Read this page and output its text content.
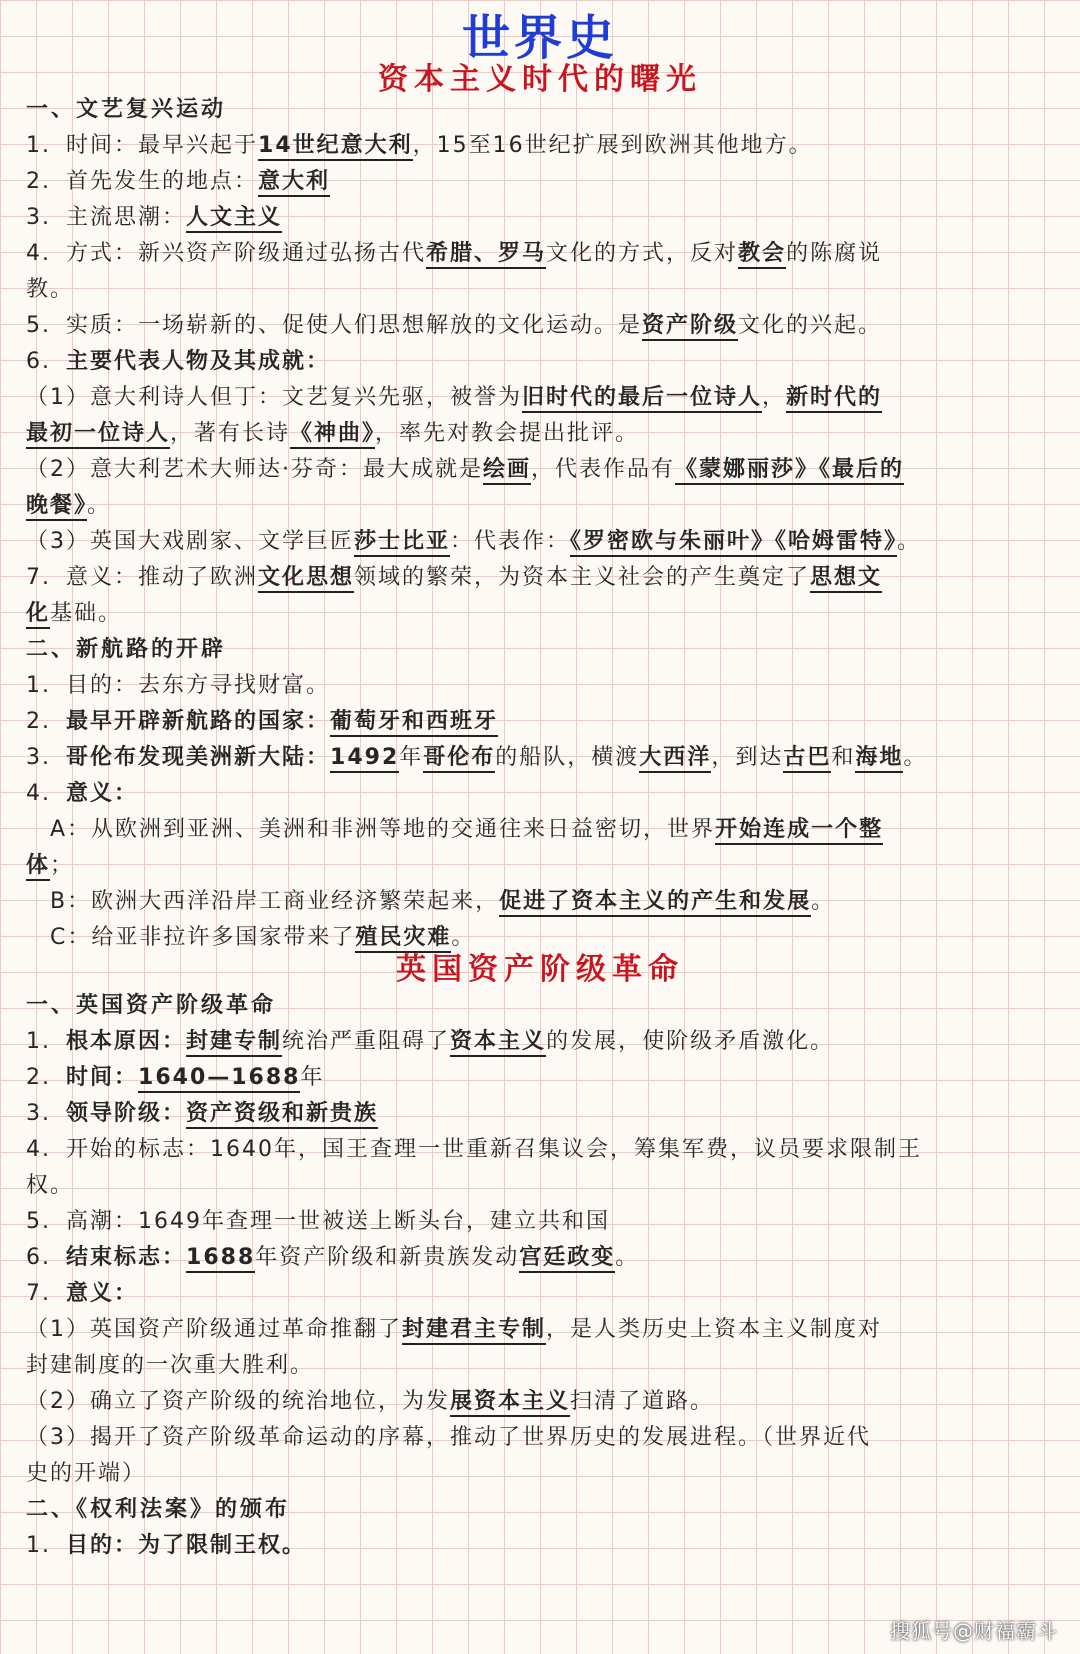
世界史
资本主义时代的曙光
一、文艺复兴运动
1. 时间：最早兴起于14世纪意大利，15至16世纪扩展到欧洲其他地方。
2. 首先发生的地点：意大利
3. 主流思潮：人文主义
4. 方式：新兴资产阶级通过弘扬古代希腊、罗马文化的方式，反对教会的陈腐说
教。
5. 实质：一场崭新的、促使人们思想解放的文化运动。是资产阶级文化的兴起。
6. 主要代表人物及其成就：
（1）意大利诗人但丁：文艺复兴先驱，被誉为旧时代的最后一位诗人，新时代的
最初一位诗人，著有长诗《神曲》，率先对教会提出批评。
（2）意大利艺术大师达·芬奇：最大成就是绘画，代表作品有《蒙娜丽莎》《最后的
晚餐》。
（3）英国大戏剧家、文学巨匠莎士比亚：代表作：《罗密欧与朱丽叶》《哈姆雷特》。
7. 意义：推动了欧洲文化思想领域的繁荣，为资本主义社会的产生奠定了思想文
化基础。
二、新航路的开辟
1. 目的：去东方寻找财富。
2. 最早开辟新航路的国家：葡萄牙和西班牙
3. 哥伦布发现美洲新大陆：1492年哥伦布的船队，横渡大西洋，到达古巴和海地。
4. 意义：
A：从欧洲到亚洲、美洲和非洲等地的交通往来日益密切，世界开始连成一个整
体；
B：欧洲大西洋沿岸工商业经济繁荣起来，促进了资本主义的产生和发展。
C：给亚非拉许多国家带来了殖民灾难。
英国资产阶级革命
一、英国资产阶级革命
1. 根本原因：封建专制统治严重阻碍了资本主义的发展，使阶级矛盾激化。
2. 时间：1640—1688年
3. 领导阶级：资产资级和新贵族
4. 开始的标志：1640年，国王查理一世重新召集议会，筹集军费，议员要求限制王
权。
5. 高潮：1649年查理一世被送上断头台，建立共和国
6. 结束标志：1688年资产阶级和新贵族发动宫廷政变。
7. 意义：
（1）英国资产阶级通过革命推翻了封建君主专制，是人类历史上资本主义制度对
封建制度的一次重大胜利。
（2）确立了资产阶级的统治地位，为发展资本主义扫清了道路。
（3）揭开了资产阶级革命运动的序幕，推动了世界历史的发展进程。（世界近代
史的开端）
二、《权利法案》的颁布
1. 目的：为了限制王权。
搜狐号@财福霸斗
